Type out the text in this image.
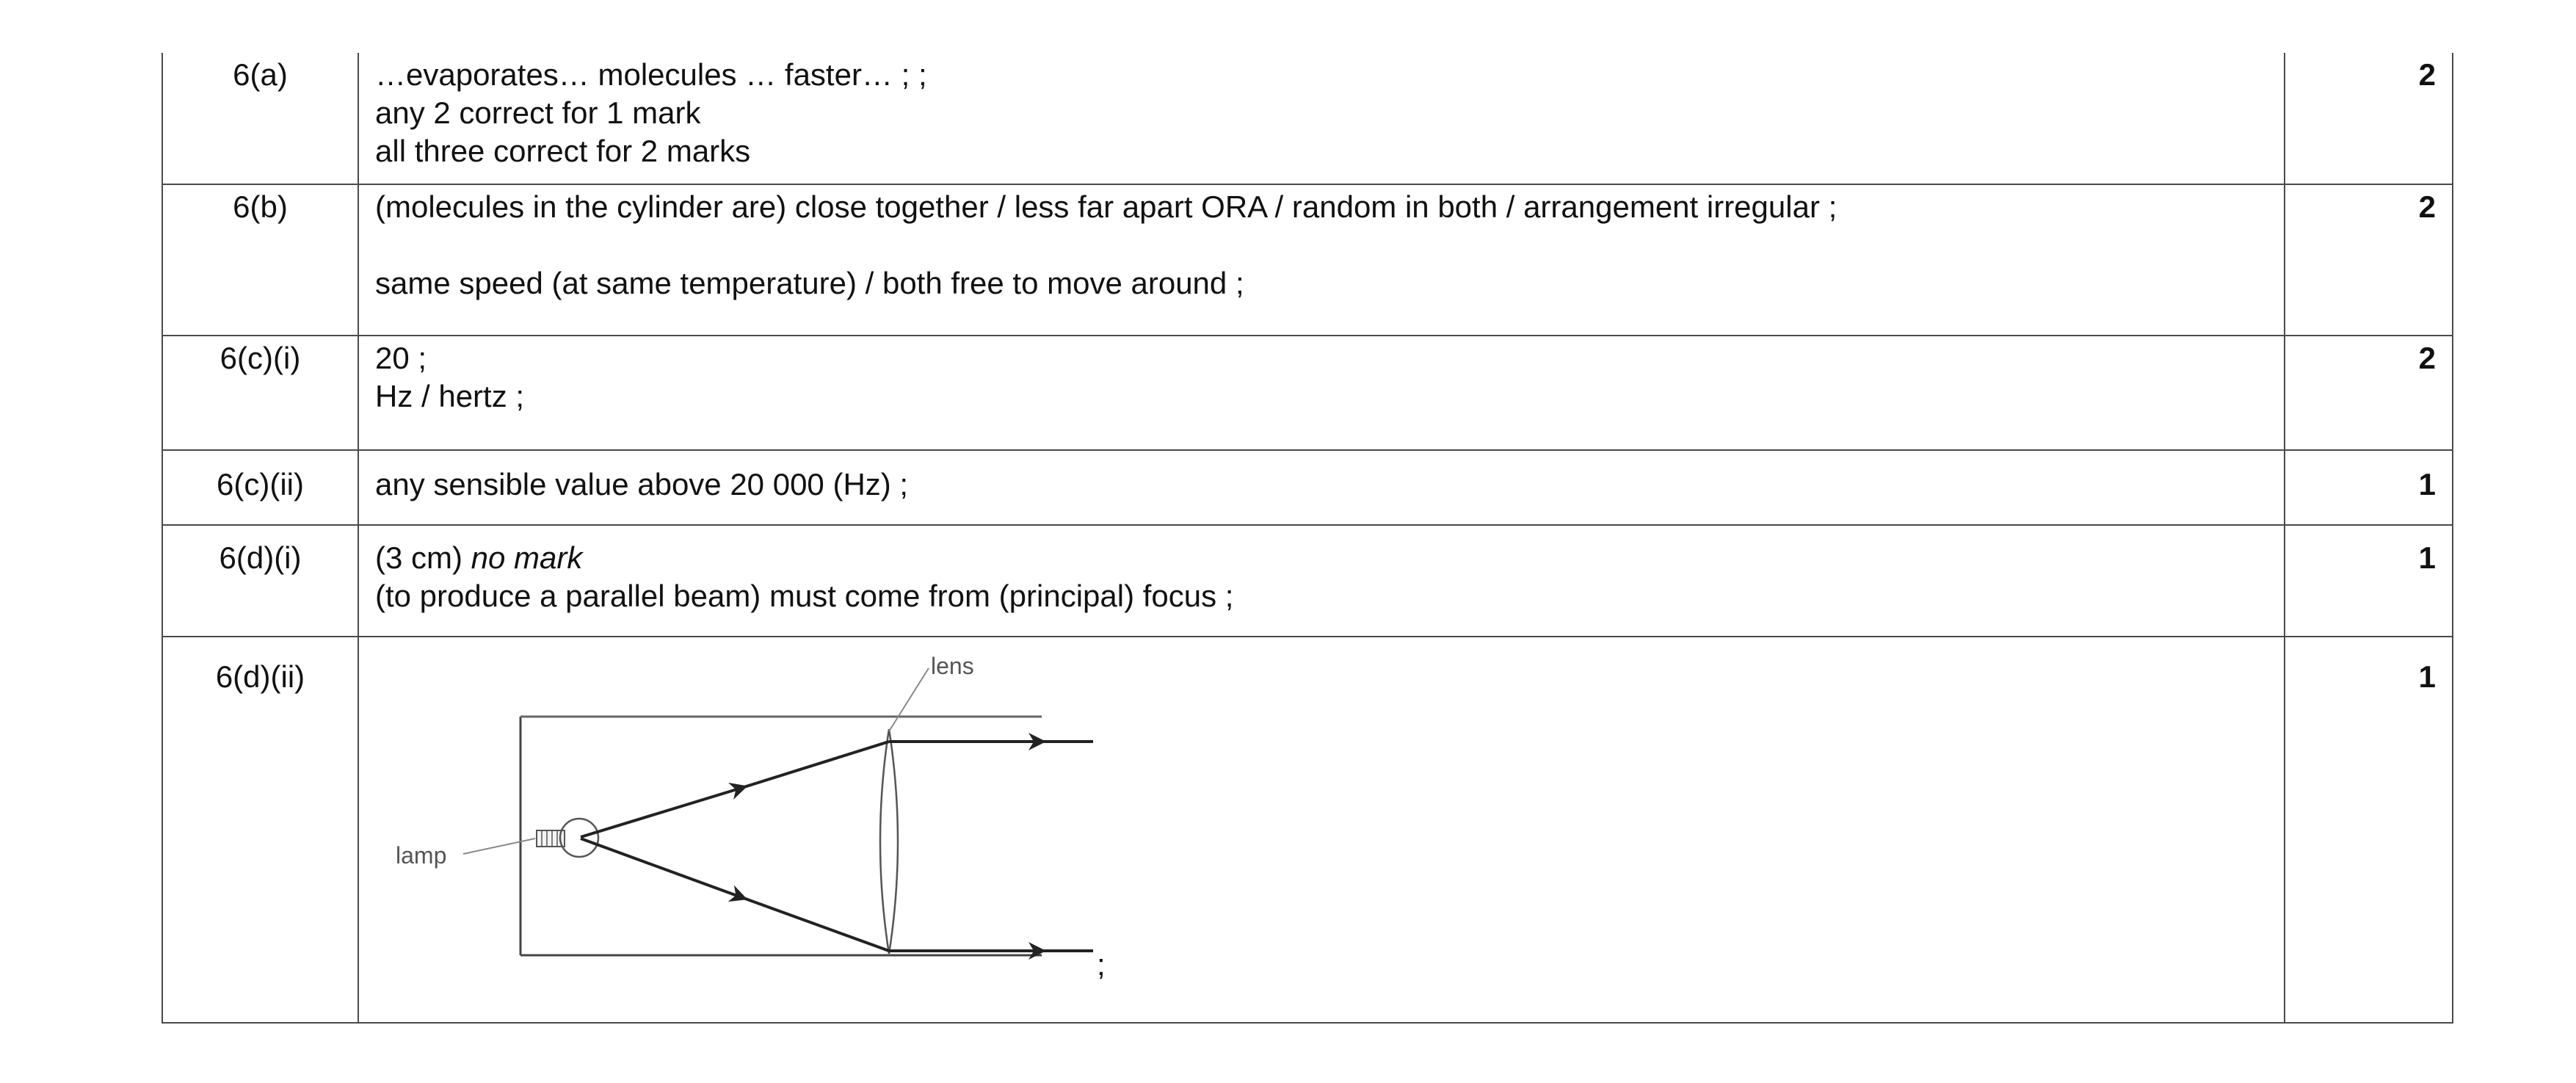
6(a)	…evaporates… molecules … faster… ; ;
any 2 correct for 1 mark
all three correct for 2 marks	2

6(b)	(molecules in the cylinder are) close together / less far apart ORA / random in both / arrangement irregular ;
same speed (at same temperature) / both free to move around ;	2

6(c)(i)	20 ;
Hz / hertz ;	2

6(c)(ii)	any sensible value above 20 000 (Hz) ;	1

6(d)(i)	(3 cm) no mark
(to produce a parallel beam) must come from (principal) focus ;	1

6(d)(ii)	lens
lamp
;	1
